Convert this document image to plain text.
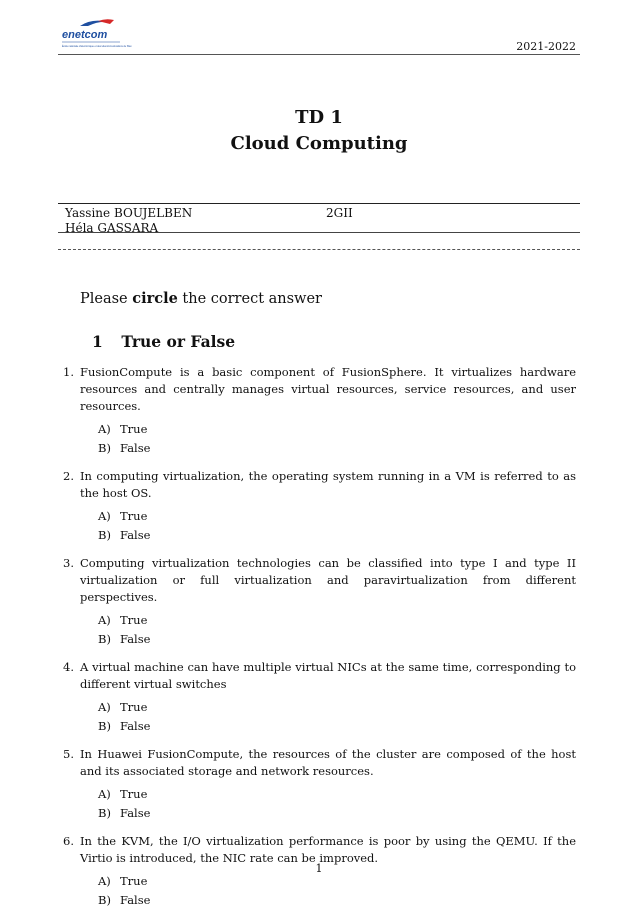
enetcom
École nationale d'électronique et des télécommunications de Sfax	2021-2022
TD 1
Cloud Computing
Yassine BOUJELBEN	2GII
Héla GASSARA
Please circle the correct answer
1 True or False
1. FusionCompute is a basic component of FusionSphere. It virtualizes hardware resources and centrally manages virtual resources, service resources, and user resources.
A) True
B) False
2. In computing virtualization, the operating system running in a VM is referred to as the host OS.
A) True
B) False
3. Computing virtualization technologies can be classified into type I and type II virtualization or full virtualization and paravirtualization from different perspectives.
A) True
B) False
4. A virtual machine can have multiple virtual NICs at the same time, corresponding to different virtual switches
A) True
B) False
5. In Huawei FusionCompute, the resources of the cluster are composed of the host and its associated storage and network resources.
A) True
B) False
6. In the KVM, the I/O virtualization performance is poor by using the QEMU. If the Virtio is introduced, the NIC rate can be improved.
A) True
B) False
1
